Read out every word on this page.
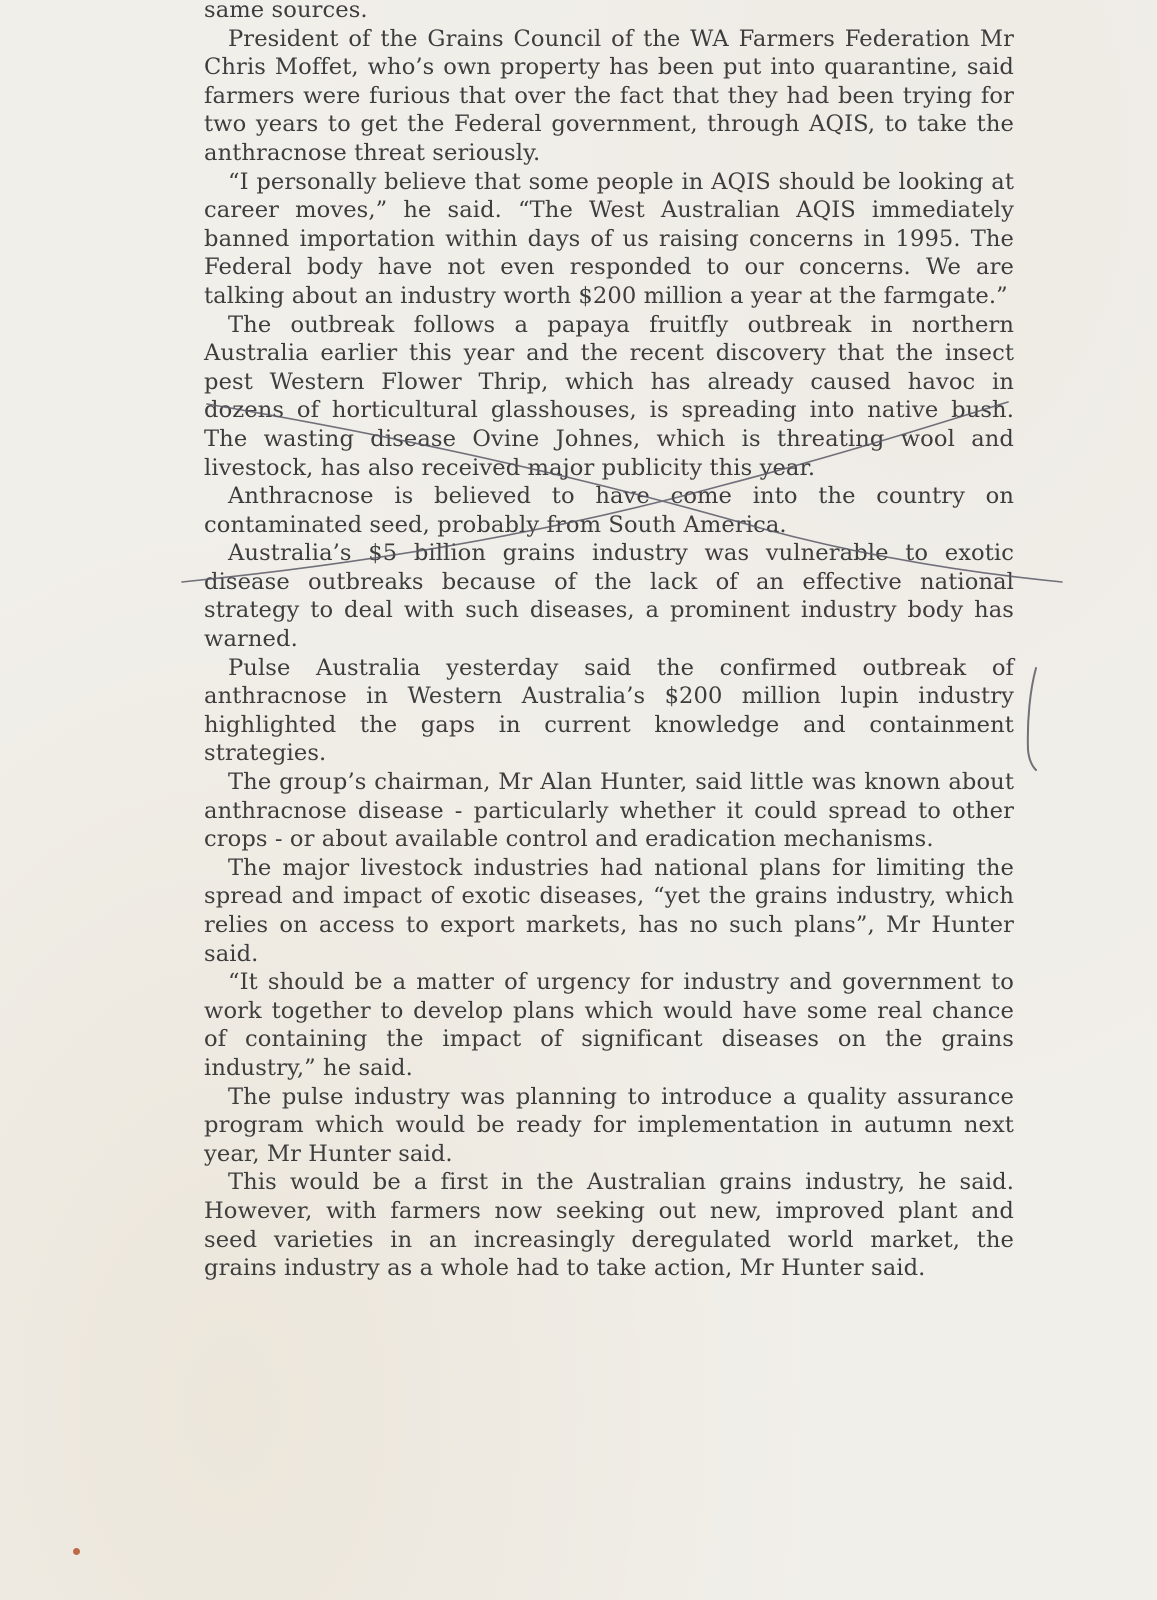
same sources.

President of the Grains Council of the WA Farmers Federation Mr Chris Moffet, who’s own property has been put into quarantine, said farmers were furious that over the fact that they had been trying for two years to get the Federal government, through AQIS, to take the anthracnose threat seriously.

“I personally believe that some people in AQIS should be looking at career moves,” he said. “The West Australian AQIS immediately banned importation within days of us raising concerns in 1995. The Federal body have not even responded to our concerns. We are talking about an industry worth $200 million a year at the farmgate.”

The outbreak follows a papaya fruitfly outbreak in northern Australia earlier this year and the recent discovery that the insect pest Western Flower Thrip, which has already caused havoc in dozens of horticultural glasshouses, is spreading into native bush. The wasting disease Ovine Johnes, which is threating wool and livestock, has also received major publicity this year.

Anthracnose is believed to have come into the country on contaminated seed, probably from South America.

Australia’s $5 billion grains industry was vulnerable to exotic disease outbreaks because of the lack of an effective national strategy to deal with such diseases, a prominent industry body has warned.

Pulse Australia yesterday said the confirmed outbreak of anthracnose in Western Australia’s $200 million lupin industry highlighted the gaps in current knowledge and containment strategies.

The group’s chairman, Mr Alan Hunter, said little was known about anthracnose disease - particularly whether it could spread to other crops - or about available control and eradication mechanisms.

The major livestock industries had national plans for limiting the spread and impact of exotic diseases, “yet the grains industry, which relies on access to export markets, has no such plans”, Mr Hunter said.

“It should be a matter of urgency for industry and government to work together to develop plans which would have some real chance of containing the impact of significant diseases on the grains industry,” he said.

The pulse industry was planning to introduce a quality assurance program which would be ready for implementation in autumn next year, Mr Hunter said.

This would be a first in the Australian grains industry, he said. However, with farmers now seeking out new, improved plant and seed varieties in an increasingly deregulated world market, the grains industry as a whole had to take action, Mr Hunter said.
